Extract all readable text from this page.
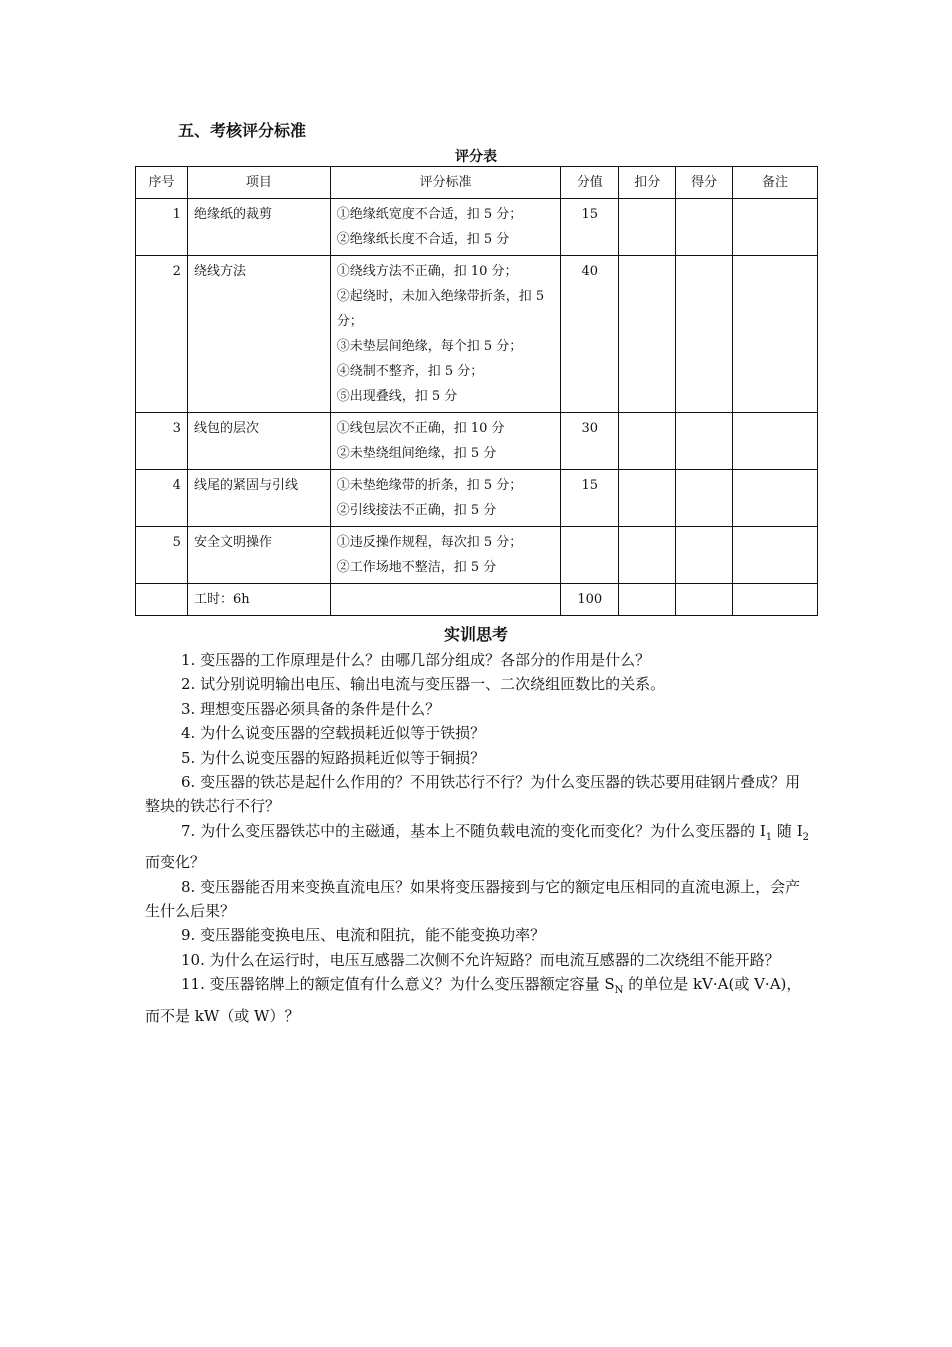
五、考核评分标准
评分表
序号	项目	评分标准	分值	扣分	得分	备注
1	绝缘纸的裁剪	①绝缘纸宽度不合适，扣 5 分；
②绝缘纸长度不合适，扣 5 分	15			
2	绕线方法	①绕线方法不正确，扣 10 分；
②起绕时，未加入绝缘带折条，扣 5 分；
③未垫层间绝缘，每个扣 5 分；
④绕制不整齐，扣 5 分；
⑤出现叠线，扣 5 分	40			
3	线包的层次	①线包层次不正确，扣 10 分
②未垫绕组间绝缘，扣 5 分	30			
4	线尾的紧固与引线	①未垫绝缘带的折条，扣 5 分；
②引线接法不正确，扣 5 分	15			
5	安全文明操作	①违反操作规程，每次扣 5 分；
②工作场地不整洁，扣 5 分				

	工时：6h		100			
实训思考

1. 变压器的工作原理是什么？由哪几部分组成？各部分的作用是什么？

2. 试分别说明输出电压、输出电流与变压器一、二次绕组匝数比的关系。

3. 理想变压器必须具备的条件是什么？

4. 为什么说变压器的空载损耗近似等于铁损？

5. 为什么说变压器的短路损耗近似等于铜损？

6. 变压器的铁芯是起什么作用的？不用铁芯行不行？为什么变压器的铁芯要用硅钢片叠成？用整块的铁芯行不行？

7. 为什么变压器铁芯中的主磁通，基本上不随负载电流的变化而变化？为什么变压器的 $I_1$ 随 $I_2$ 而变化？

8. 变压器能否用来变换直流电压？如果将变压器接到与它的额定电压相同的直流电源上，会产生什么后果？

9. 变压器能变换电压、电流和阻抗，能不能变换功率？

10. 为什么在运行时，电压互感器二次侧不允许短路？而电流互感器的二次绕组不能开路？

11. 变压器铭牌上的额定值有什么意义？为什么变压器额定容量 $S_N$ 的单位是 kV·A(或 V·A)，而不是 kW（或 W）？
